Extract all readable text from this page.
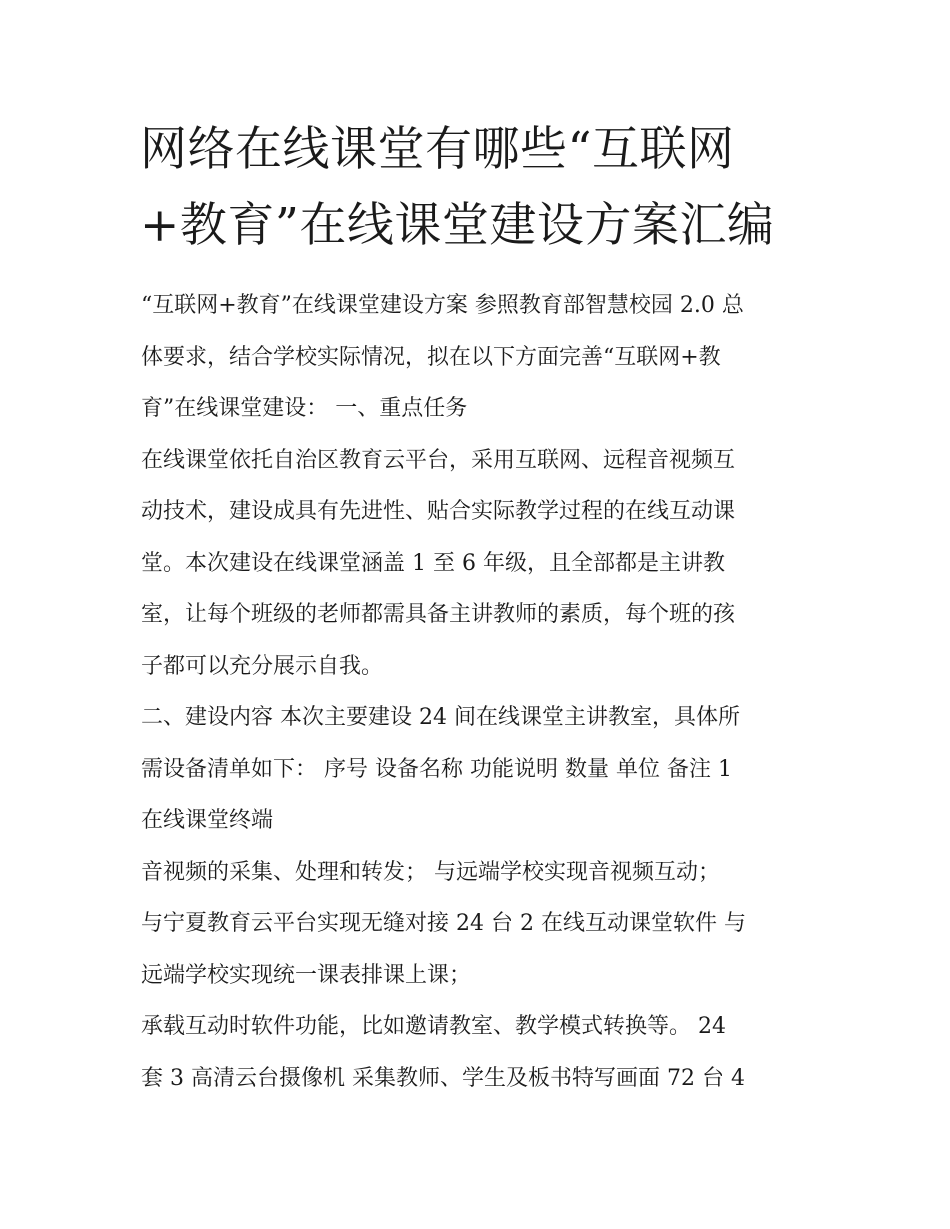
网络在线课堂有哪些“互联网
+教育”在线课堂建设方案汇编
“互联网+教育”在线课堂建设方案 参照教育部智慧校园 2.0 总
体要求，结合学校实际情况，拟在以下方面完善“互联网+教
育”在线课堂建设： 一、重点任务
在线课堂依托自治区教育云平台，采用互联网、远程音视频互
动技术，建设成具有先进性、贴合实际教学过程的在线互动课
堂。本次建设在线课堂涵盖 1 至 6 年级，且全部都是主讲教
室，让每个班级的老师都需具备主讲教师的素质，每个班的孩
子都可以充分展示自我。
二、建设内容 本次主要建设 24 间在线课堂主讲教室，具体所
需设备清单如下： 序号 设备名称 功能说明 数量 单位 备注 1
在线课堂终端
音视频的采集、处理和转发； 与远端学校实现音视频互动；
与宁夏教育云平台实现无缝对接 24 台 2 在线互动课堂软件 与
远端学校实现统一课表排课上课；
承载互动时软件功能，比如邀请教室、教学模式转换等。 24
套 3 高清云台摄像机 采集教师、学生及板书特写画面 72 台 4
